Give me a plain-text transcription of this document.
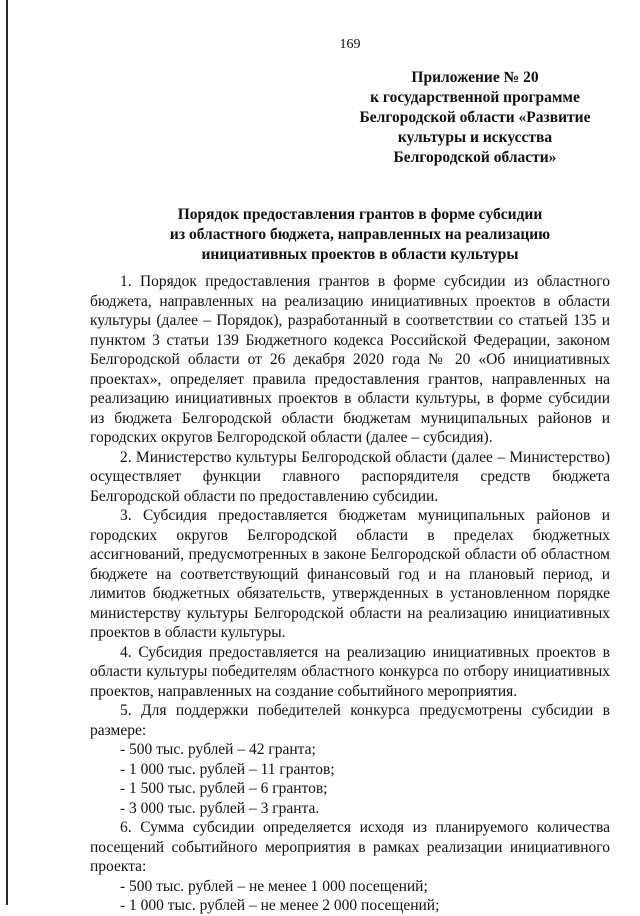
169
Приложение № 20
к государственной программе
Белгородской области «Развитие
культуры и искусства
Белгородской области»
Порядок предоставления грантов в форме субсидии
из областного бюджета, направленных на реализацию
инициативных проектов в области культуры

1. Порядок предоставления грантов в форме субсидии из областного бюджета, направленных на реализацию инициативных проектов в области культуры (далее – Порядок), разработанный в соответствии со статьей 135 и пунктом 3 статьи 139 Бюджетного кодекса Российской Федерации, законом Белгородской области от 26 декабря 2020 года № 20 «Об инициативных проектах», определяет правила предоставления грантов, направленных на реализацию инициативных проектов в области культуры, в форме субсидии из бюджета Белгородской области бюджетам муниципальных районов и городских округов Белгородской области (далее – субсидия).

2. Министерство культуры Белгородской области (далее – Министерство) осуществляет функции главного распорядителя средств бюджета Белгородской области по предоставлению субсидии.

3. Субсидия предоставляется бюджетам муниципальных районов и городских округов Белгородской области в пределах бюджетных ассигнований, предусмотренных в законе Белгородской области об областном бюджете на соответствующий финансовый год и на плановый период, и лимитов бюджетных обязательств, утвержденных в установленном порядке министерству культуры Белгородской области на реализацию инициативных проектов в области культуры.

4. Субсидия предоставляется на реализацию инициативных проектов в области культуры победителям областного конкурса по отбору инициативных проектов, направленных на создание событийного мероприятия.

5. Для поддержки победителей конкурса предусмотрены субсидии в размере:

- 500 тыс. рублей – 42 гранта;
- 1 000 тыс. рублей – 11 грантов;
- 1 500 тыс. рублей – 6 грантов;
- 3 000 тыс. рублей – 3 гранта.

6. Сумма субсидии определяется исходя из планируемого количества посещений событийного мероприятия в рамках реализации инициативного проекта:

- 500 тыс. рублей – не менее 1 000 посещений;
- 1 000 тыс. рублей – не менее 2 000 посещений;
